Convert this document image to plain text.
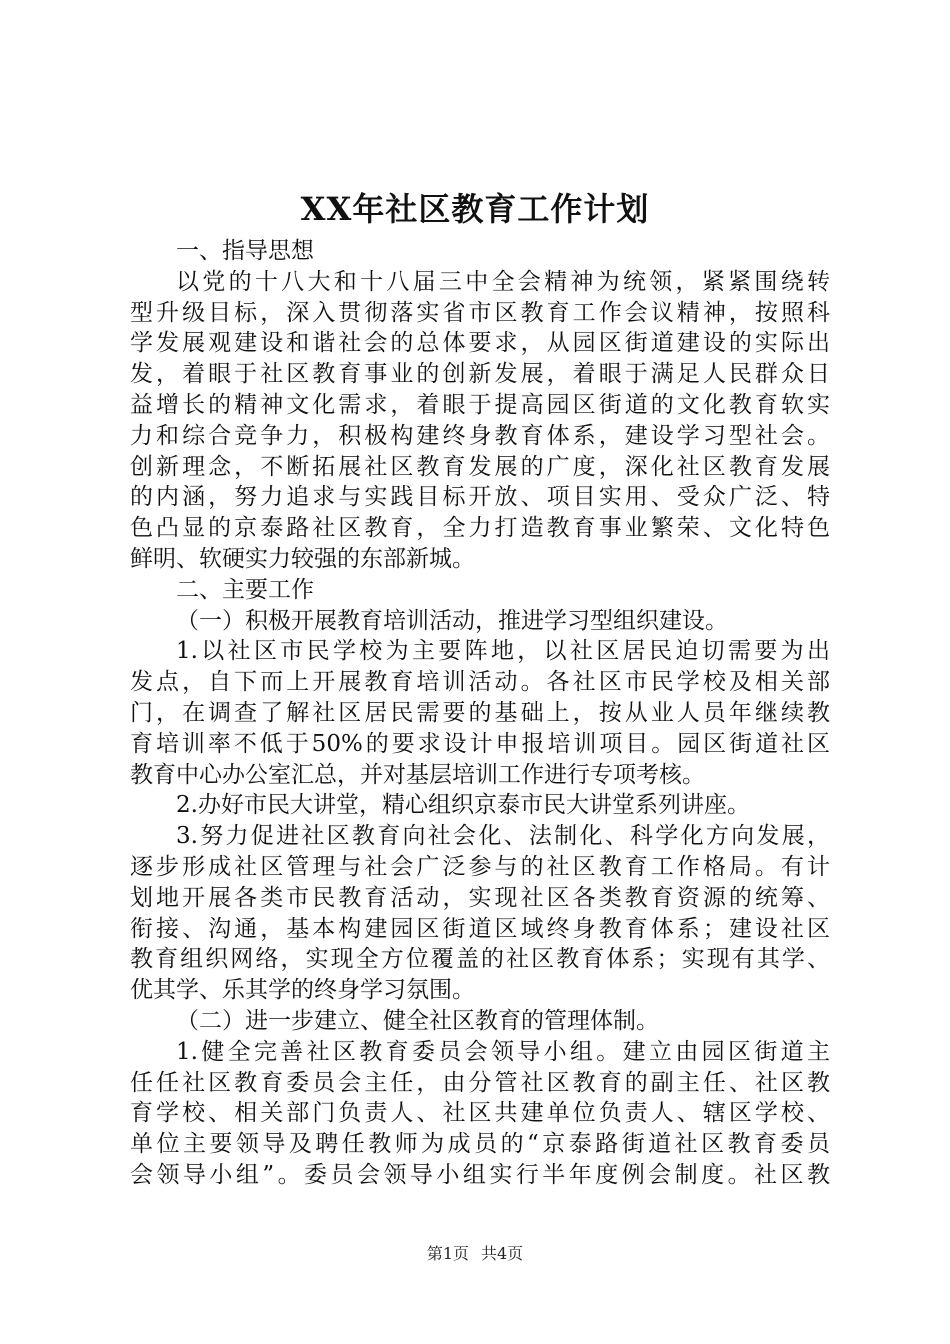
XX年社区教育工作计划
一、指导思想
以党的十八大和十八届三中全会精神为统领，紧紧围绕转
型升级目标，深入贯彻落实省市区教育工作会议精神，按照科
学发展观建设和谐社会的总体要求，从园区街道建设的实际出
发，着眼于社区教育事业的创新发展，着眼于满足人民群众日
益增长的精神文化需求，着眼于提高园区街道的文化教育软实
力和综合竞争力，积极构建终身教育体系，建设学习型社会。
创新理念，不断拓展社区教育发展的广度，深化社区教育发展
的内涵，努力追求与实践目标开放、项目实用、受众广泛、特
色凸显的京泰路社区教育，全力打造教育事业繁荣、文化特色
鲜明、软硬实力较强的东部新城。
二、主要工作
（一）积极开展教育培训活动，推进学习型组织建设。
1.以社区市民学校为主要阵地，以社区居民迫切需要为出
发点，自下而上开展教育培训活动。各社区市民学校及相关部
门，在调查了解社区居民需要的基础上，按从业人员年继续教
育培训率不低于50%的要求设计申报培训项目。园区街道社区
教育中心办公室汇总，并对基层培训工作进行专项考核。
2.办好市民大讲堂，精心组织京泰市民大讲堂系列讲座。
3.努力促进社区教育向社会化、法制化、科学化方向发展，
逐步形成社区管理与社会广泛参与的社区教育工作格局。有计
划地开展各类市民教育活动，实现社区各类教育资源的统筹、
衔接、沟通，基本构建园区街道区域终身教育体系；建设社区
教育组织网络，实现全方位覆盖的社区教育体系；实现有其学、
优其学、乐其学的终身学习氛围。
（二）进一步建立、健全社区教育的管理体制。
1.健全完善社区教育委员会领导小组。建立由园区街道主
任任社区教育委员会主任，由分管社区教育的副主任、社区教
育学校、相关部门负责人、社区共建单位负责人、辖区学校、
单位主要领导及聘任教师为成员的“京泰路街道社区教育委员
会领导小组”。委员会领导小组实行半年度例会制度。社区教
第1页 共4页
